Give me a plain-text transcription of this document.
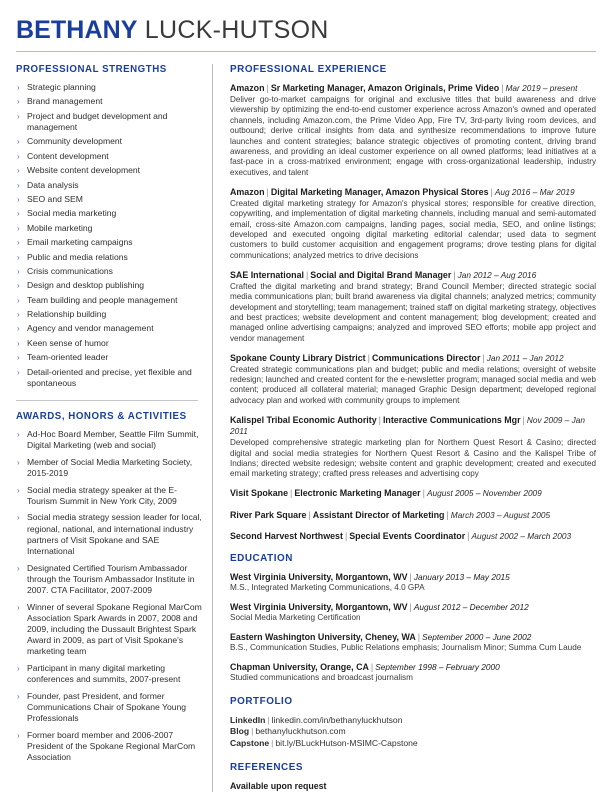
BETHANY LUCK-HUTSON
PROFESSIONAL STRENGTHS
› Strategic planning
› Brand management
› Project and budget development and management
› Community development
› Content development
› Website content development
› Data analysis
› SEO and SEM
› Social media marketing
› Mobile marketing
› Email marketing campaigns
› Public and media relations
› Crisis communications
› Design and desktop publishing
› Team building and people management
› Relationship building
› Agency and vendor management
› Keen sense of humor
› Team-oriented leader
› Detail-oriented and precise, yet flexible and spontaneous
AWARDS, HONORS & ACTIVITIES
› Ad-Hoc Board Member, Seattle Film Summit, Digital Marketing (web and social)
› Member of Social Media Marketing Society, 2015-2019
› Social media strategy speaker at the E-Tourism Summit in New York City, 2009
› Social media strategy session leader for local, regional, national, and international industry partners of Visit Spokane and SAE International
› Designated Certified Tourism Ambassador through the Tourism Ambassador Institute in 2007. CTA Facilitator, 2007-2009
› Winner of several Spokane Regional MarCom Association Spark Awards in 2007, 2008 and 2009, including the Dussault Brightest Spark Award in 2009, as part of Visit Spokane's marketing team
› Participant in many digital marketing conferences and summits, 2007-present
› Founder, past President, and former Communications Chair of Spokane Young Professionals
› Former board member and 2006-2007 President of the Spokane Regional MarCom Association
PROFESSIONAL EXPERIENCE
Amazon | Sr Marketing Manager, Amazon Originals, Prime Video | Mar 2019 – present
Deliver go-to-market campaigns for original and exclusive titles that build awareness and drive viewership by optimizing the end-to-end customer experience across Amazon's owned and operated channels, including Amazon.com, the Prime Video App, Fire TV, 3rd-party living room devices, and outbound; derive critical insights from data and synthesize recommendations to improve future launches and content strategies; balance strategic objectives of promoting content, driving brand awareness, and providing an ideal customer experience on all owned platforms; lead initiatives at a fast-pace in a cross-matrixed environment; engage with cross-organizational leadership, industry executives, and talent
Amazon | Digital Marketing Manager, Amazon Physical Stores | Aug 2016 – Mar 2019
Created digital marketing strategy for Amazon's physical stores; responsible for creative direction, copywriting, and implementation of digital marketing channels, including manual and semi-automated email, cross-site Amazon.com campaigns, landing pages, social media, SEO, and online listings; developed and executed ongoing digital marketing editorial calendar; used data to segment customers to build customer acquisition and engagement programs; drove testing plans for digital communications; analyzed metrics to drive decisions
SAE International | Social and Digital Brand Manager | Jan 2012 – Aug 2016
Crafted the digital marketing and brand strategy; Brand Council Member; directed strategic social media communications plan; built brand awareness via digital channels; analyzed metrics; community development and storytelling; team management; trained staff on digital marketing strategy, objectives and best practices; website development and content management; blog development; created and managed online advertising campaigns; analyzed and improved SEO efforts; mobile app project and vendor management
Spokane County Library District | Communications Director | Jan 2011 – Jan 2012
Created strategic communications plan and budget; public and media relations; oversight of website redesign; launched and created content for the e-newsletter program; managed social media and web content; produced all collateral material; managed Graphic Design department; developed regional advocacy plan and worked with community groups to implement
Kalispel Tribal Economic Authority | Interactive Communications Mgr | Nov 2009 – Jan 2011
Developed comprehensive strategic marketing plan for Northern Quest Resort & Casino; directed digital and social media strategies for Northern Quest Resort & Casino and the Kalispel Tribe of Indians; directed website redesign; website content and graphic development; created and executed email marketing strategy; crafted press releases and advertising copy
Visit Spokane | Electronic Marketing Manager | August 2005 – November 2009
River Park Square | Assistant Director of Marketing | March 2003 – August 2005
Second Harvest Northwest | Special Events Coordinator | August 2002 – March 2003
EDUCATION
West Virginia University, Morgantown, WV | January 2013 – May 2015
M.S., Integrated Marketing Communications, 4.0 GPA
West Virginia University, Morgantown, WV | August 2012 – December 2012
Social Media Marketing Certification
Eastern Washington University, Cheney, WA | September 2000 – June 2002
B.S., Communication Studies, Public Relations emphasis; Journalism Minor; Summa Cum Laude
Chapman University, Orange, CA | September 1998 – February 2000
Studied communications and broadcast journalism
PORTFOLIO
LinkedIn | linkedin.com/in/bethanyluckhutson
Blog | bethanyluckhutson.com
Capstone | bit.ly/BLuckHutson-MSIMC-Capstone
REFERENCES
Available upon request
